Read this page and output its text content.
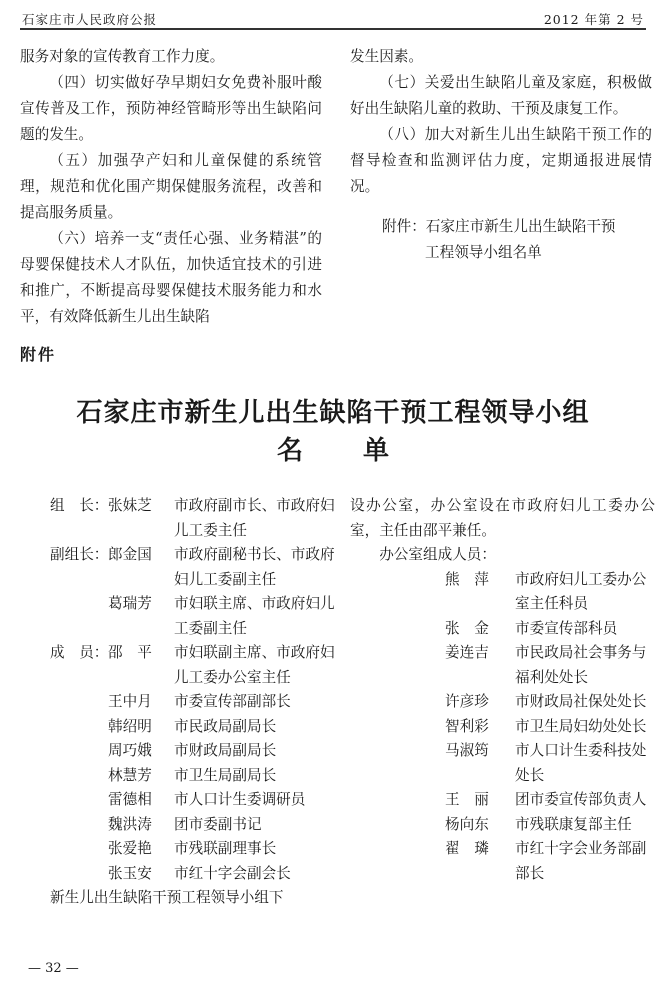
石家庄市人民政府公报	2012 年第 2 号

服务对象的宣传教育工作力度。

（四）切实做好孕早期妇女免费补服叶酸宣传普及工作，预防神经管畸形等出生缺陷问题的发生。

（五）加强孕产妇和儿童保健的系统管理，规范和优化围产期保健服务流程，改善和提高服务质量。

（六）培养一支“责任心强、业务精湛”的母婴保健技术人才队伍，加快适宜技术的引进和推广，不断提高母婴保健技术服务能力和水平，有效降低新生儿出生缺陷

发生因素。

（七）关爱出生缺陷儿童及家庭，积极做好出生缺陷儿童的救助、干预及康复工作。

（八）加大对新生儿出生缺陷干预工作的督导检查和监测评估力度，定期通报进展情况。

附件：石家庄市新生儿出生缺陷干预
工程领导小组名单
附件
石家庄市新生儿出生缺陷干预工程领导小组
名单
组　长： 张妹芝	市政府副市长、市政府妇儿工委主任
副组长： 郎金国	市政府副秘书长、市政府妇儿工委副主任
葛瑞芳	市妇联主席、市政府妇儿工委副主任
成　员： 邵　平	市妇联副主席、市政府妇儿工委办公室主任
王中月	市委宣传部副部长
韩绍明	市民政局副局长
周巧娥	市财政局副局长
林慧芳	市卫生局副局长
雷德相	市人口计生委调研员
魏洪涛	团市委副书记
张爱艳	市残联副理事长
张玉安	市红十字会副会长
新生儿出生缺陷干预工程领导小组下
设办公室，办公室设在市政府妇儿工委办公室，主任由邵平兼任。
办公室组成人员：
熊　萍	市政府妇儿工委办公室主任科员
张　金	市委宣传部科员
姜连吉	市民政局社会事务与福利处处长
许彦珍	市财政局社保处处长
智利彩	市卫生局妇幼处处长
马淑筠	市人口计生委科技处处长
王　丽	团市委宣传部负责人
杨向东	市残联康复部主任
翟　璘	市红十字会业务部副部长
— 32 —
